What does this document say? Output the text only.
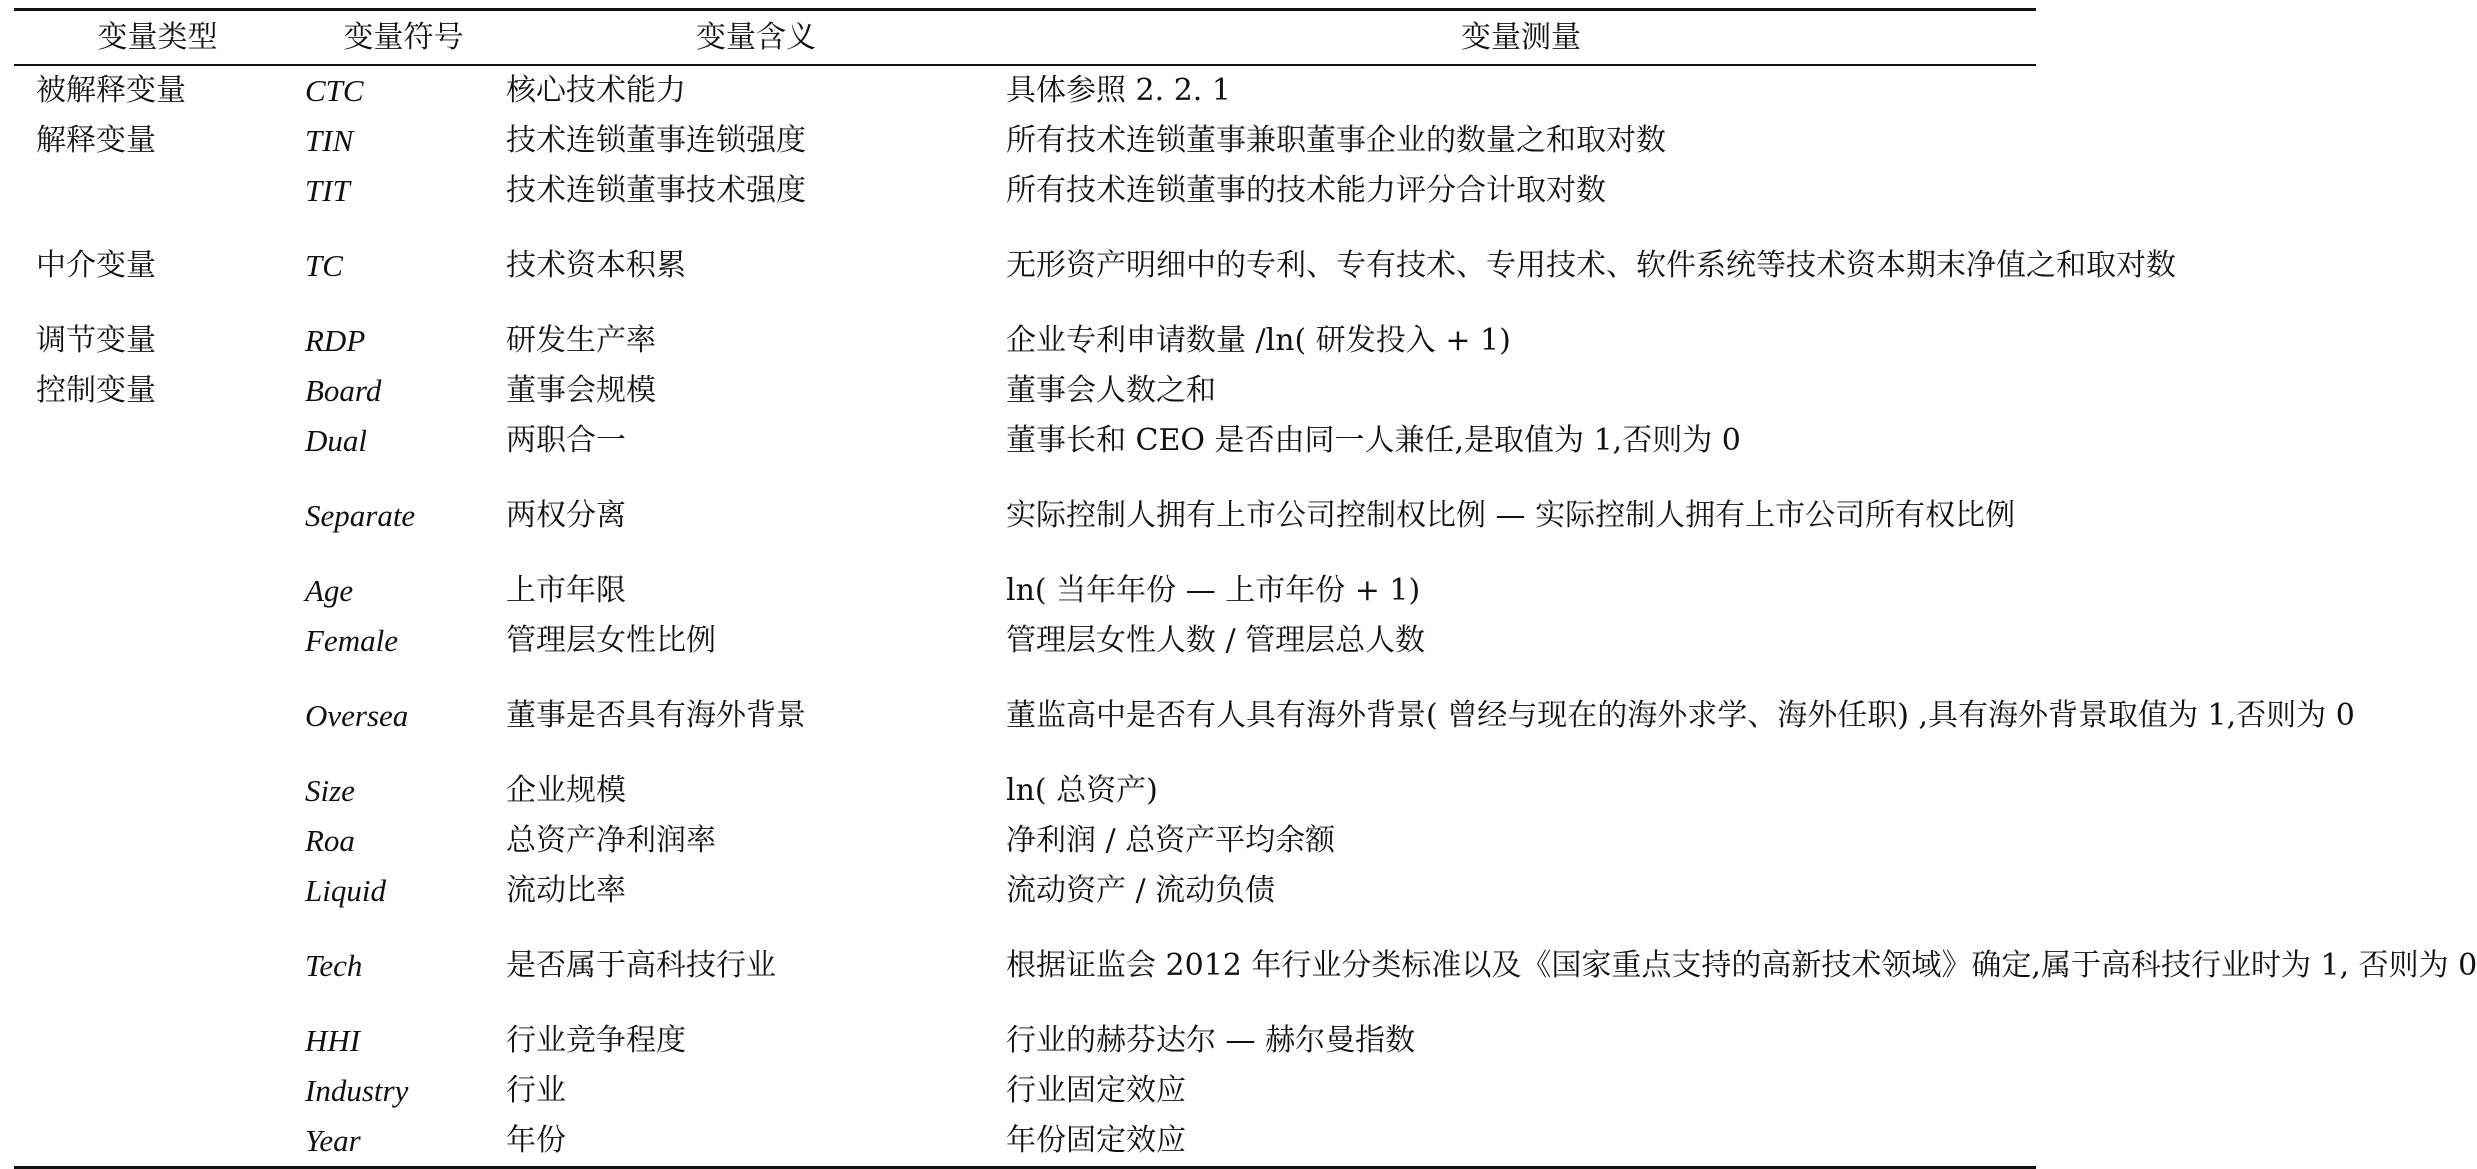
变量类型	变量符号	变量含义	变量测量
被解释变量	CTC	核心技术能力	具体参照 2. 2. 1
解释变量	TIN	技术连锁董事连锁强度	所有技术连锁董事兼职董事企业的数量之和取对数
	TIT	技术连锁董事技术强度	所有技术连锁董事的技术能力评分合计取对数
中介变量	TC	技术资本积累	无形资产明细中的专利、专有技术、专用技术、软件系统等技术资本期末净值之和取对数
调节变量	RDP	研发生产率	企业专利申请数量 /ln( 研发投入 + 1)
控制变量	Board	董事会规模	董事会人数之和
	Dual	两职合一	董事长和 CEO 是否由同一人兼任,是取值为 1,否则为 0
	Separate	两权分离	实际控制人拥有上市公司控制权比例 — 实际控制人拥有上市公司所有权比例
	Age	上市年限	ln( 当年年份 — 上市年份 + 1)
	Female	管理层女性比例	管理层女性人数 / 管理层总人数
	Oversea	董事是否具有海外背景	董监高中是否有人具有海外背景( 曾经与现在的海外求学、海外任职) ,具有海外背景取值为 1,否则为 0
	Size	企业规模	ln( 总资产)
	Roa	总资产净利润率	净利润 / 总资产平均余额
	Liquid	流动比率	流动资产 / 流动负债
	Tech	是否属于高科技行业	根据证监会 2012 年行业分类标准以及《国家重点支持的高新技术领域》确定,属于高科技行业时为 1, 否则为 0
	HHI	行业竞争程度	行业的赫芬达尔 — 赫尔曼指数
	Industry	行业	行业固定效应
	Year	年份	年份固定效应
